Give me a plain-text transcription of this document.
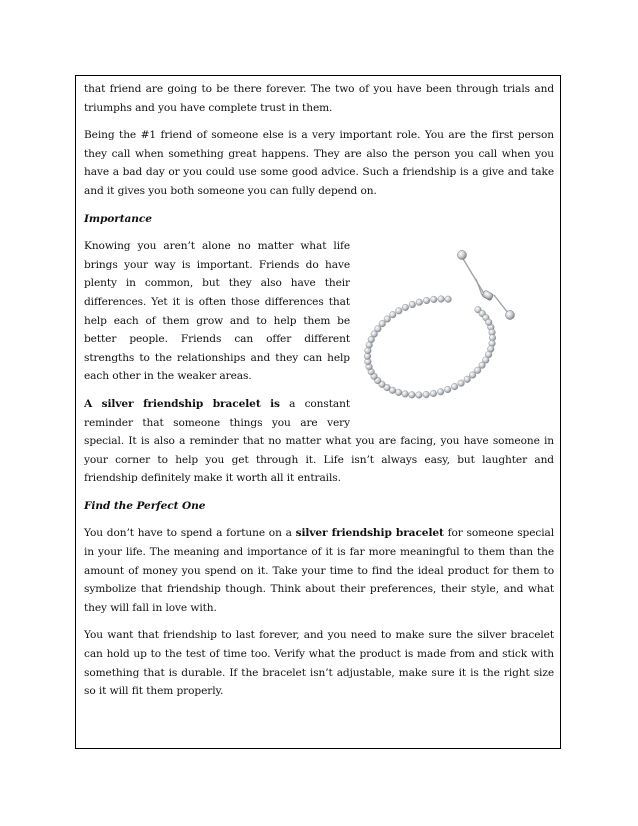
that friend are going to be there forever. The two of you have been through trials and triumphs and you have complete trust in them.

Being the #1 friend of someone else is a very important role. You are the first person they call when something great happens. They are also the person you call when you have a bad day or you could use some good advice. Such a friendship is a give and take and it gives you both someone you can fully depend on.

Importance

Knowing you aren’t alone no matter what life brings your way is important. Friends do have plenty in common, but they also have their differences. Yet it is often those differences that help each of them grow and to help them be better people. Friends can offer different strengths to the relationships and they can help each other in the weaker areas.

A silver friendship bracelet is a constant reminder that someone things you are very special. It is also a reminder that no matter what you are facing, you have someone in your corner to help you get through it. Life isn’t always easy, but laughter and friendship definitely make it worth all it entrails.

Find the Perfect One

You don’t have to spend a fortune on a silver friendship bracelet for someone special in your life. The meaning and importance of it is far more meaningful to them than the amount of money you spend on it. Take your time to find the ideal product for them to symbolize that friendship though. Think about their preferences, their style, and what they will fall in love with.

You want that friendship to last forever, and you need to make sure the silver bracelet can hold up to the test of time too. Verify what the product is made from and stick with something that is durable. If the bracelet isn’t adjustable, make sure it is the right size so it will fit them properly.
